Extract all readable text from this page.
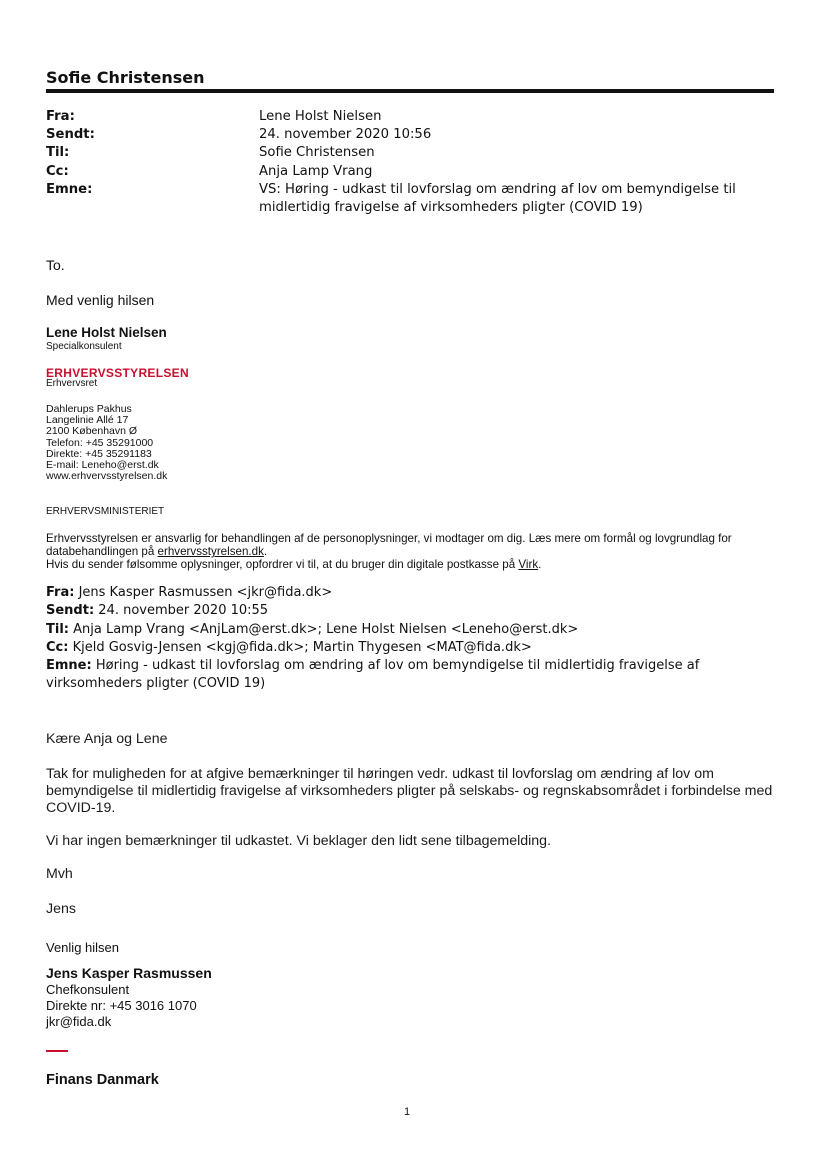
Sofie Christensen
Fra:	Lene Holst Nielsen
Sendt:	24. november 2020 10:56
Til:	Sofie Christensen
Cc:	Anja Lamp Vrang
Emne:	VS: Høring - udkast til lovforslag om ændring af lov om bemyndigelse til midlertidig fravigelse af virksomheders pligter (COVID 19)
To.
Med venlig hilsen
Lene Holst Nielsen
Specialkonsulent
ERHVERVSSTYRELSEN
Erhvervsret
Dahlerups Pakhus
Langelinie Allé 17
2100 København Ø
Telefon: +45 35291000
Direkte: +45 35291183
E-mail: Leneho@erst.dk
www.erhvervsstyrelsen.dk
ERHVERVSMINISTERIET
Erhvervsstyrelsen er ansvarlig for behandlingen af de personoplysninger, vi modtager om dig. Læs mere om formål og lovgrundlag for databehandlingen på erhvervsstyrelsen.dk.
Hvis du sender følsomme oplysninger, opfordrer vi til, at du bruger din digitale postkasse på Virk.
Fra: Jens Kasper Rasmussen <jkr@fida.dk>
Sendt: 24. november 2020 10:55
Til: Anja Lamp Vrang <AnjLam@erst.dk>; Lene Holst Nielsen <Leneho@erst.dk>
Cc: Kjeld Gosvig-Jensen <kgj@fida.dk>; Martin Thygesen <MAT@fida.dk>
Emne: Høring - udkast til lovforslag om ændring af lov om bemyndigelse til midlertidig fravigelse af virksomheders pligter (COVID 19)
Kære Anja og Lene
Tak for muligheden for at afgive bemærkninger til høringen vedr. udkast til lovforslag om ændring af lov om bemyndigelse til midlertidig fravigelse af virksomheders pligter på selskabs- og regnskabsområdet i forbindelse med COVID-19.
Vi har ingen bemærkninger til udkastet. Vi beklager den lidt sene tilbagemelding.
Mvh
Jens
Venlig hilsen
Jens Kasper Rasmussen
Chefkonsulent
Direkte nr: +45 3016 1070
jkr@fida.dk
Finans Danmark
1
